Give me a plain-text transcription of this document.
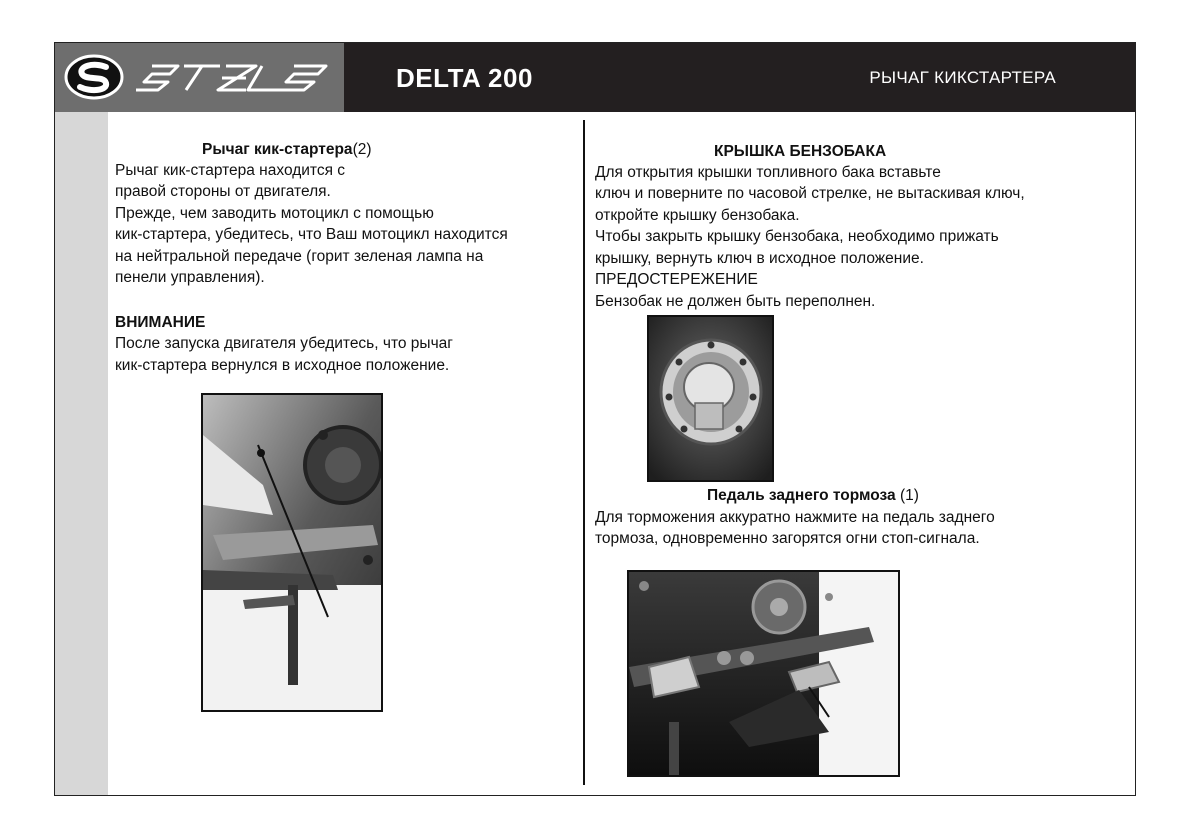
DELTA 200	РЫЧАГ КИКСТАРТЕРА
Рычаг кик-стартера(2)
Рычаг кик-стартера находится с
правой стороны от двигателя.
Прежде, чем заводить мотоцикл с помощью
кик-стартера, убедитесь, что Ваш мотоцикл находится
на нейтральной передаче (горит зеленая лампа на
пенели управления).
ВНИМАНИЕ
После запуска двигателя убедитесь, что рычаг
кик-стартера вернулся в исходное положение.
КРЫШКА БЕНЗОБАКА
Для открытия крышки топливного бака вставьте
ключ и поверните по часовой стрелке, не вытаскивая ключ,
откройте крышку бензобака.
Чтобы закрыть крышку бензобака, необходимо прижать
крышку, вернуть ключ в исходное положение.
ПРЕДОСТЕРЕЖЕНИЕ
Бензобак не должен быть переполнен.
Педаль заднего тормоза (1)
Для торможения аккуратно нажмите на педаль заднего
тормоза, одновременно загорятся огни стоп-сигнала.
